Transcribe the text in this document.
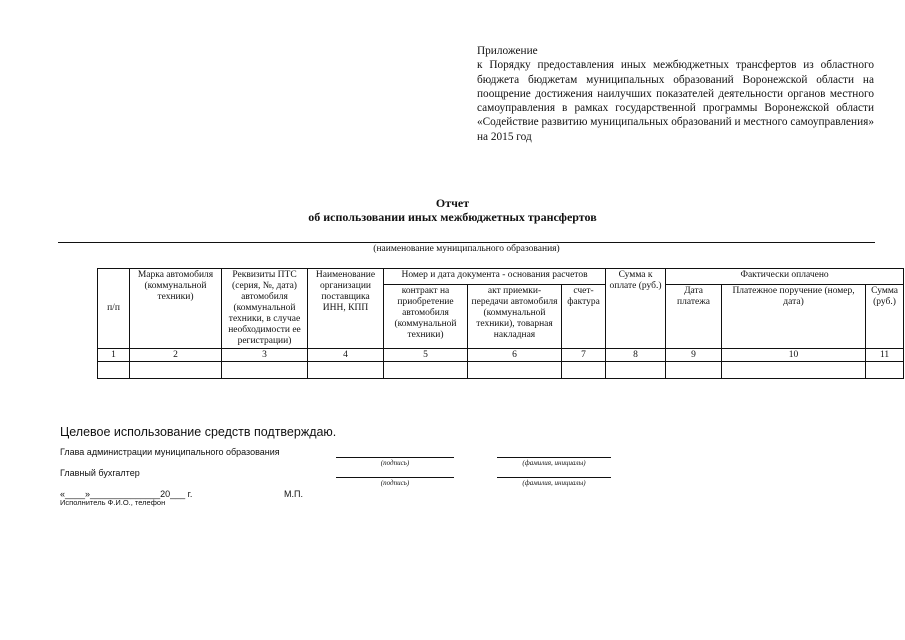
Приложение
к Порядку предоставления иных межбюджетных трансфертов из областного бюджета бюджетам муниципальных образований Воронежской области на поощрение достижения наилучших показателей деятельности органов местного самоуправления в рамках государственной программы Воронежской области «Содействие развитию муниципальных образований и местного самоуправления» на 2015 год
Отчет
об использовании иных межбюджетных трансфертов
(наименование муниципального образования)
п/п	Марка автомобиля (коммунальной техники)	Реквизиты ПТС (серия, №, дата) автомобиля (коммунальной техники, в случае необходимости ее регистрации)	Наименование организации поставщика ИНН, КПП	Номер и дата документа - основания расчетов			Сумма к оплате (руб.)	Фактически оплачено		
				контракт на приобретение автомобиля (коммунальной техники)	акт приемки-передачи автомобиля (коммунальной техники), товарная накладная	счет-фактура		Дата платежа	Платежное поручение (номер, дата)	Сумма (руб.)
1	2	3	4	5	6	7	8	9	10	11

Целевое использование средств подтверждаю.
Глава администрации муниципального образования
(подпись)	(фамилия, инициалы)
Главный бухгалтер
(подпись)	(фамилия, инициалы)
«____»______________20___ г.	М.П.
Исполнитель Ф.И.О., телефон
